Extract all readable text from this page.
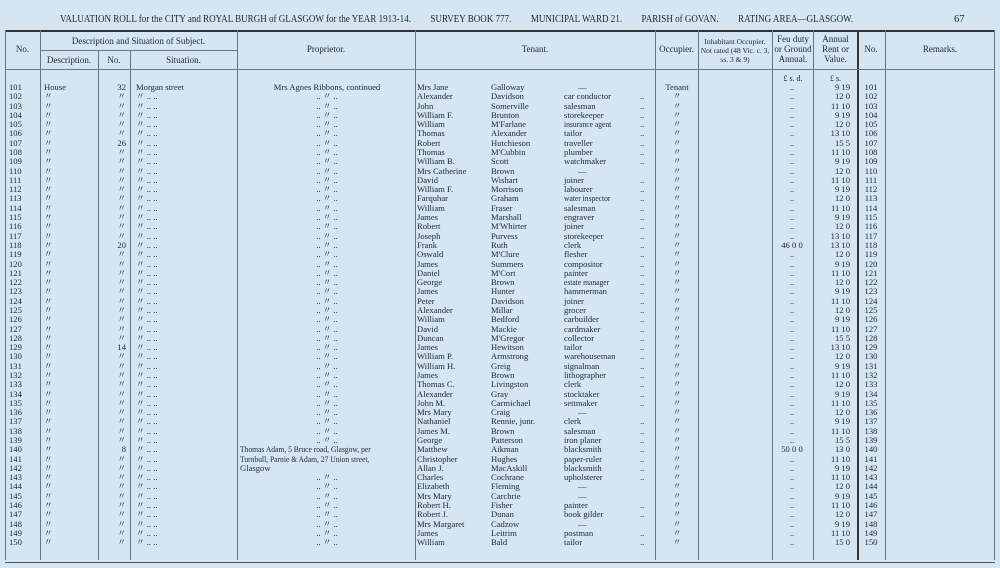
VALUATION ROLL for the CITY and ROYAL BURGH of GLASGOW for the YEAR 1913-14. SURVEY BOOK 777. MUNICIPAL WARD 21. PARISH of GOVAN. RATING AREA—GLASGOW.	67
No.
Description and Situation of Subject.
Description.	No.	Situation.
Proprietor.	Tenant.	Occupier.
Inhabitant Occupier. Not rated (48 Vic. c. 3, ss. 3 & 9)
Feu duty or Ground Annual.
Annual Rent or Value.
No.	Remarks.
£ s. d.	£ s.
101	House	32 Morgan street	Mrs Agnes Ribbons, continued	Mrs Jane	Galloway	—	Tenant	..	9 19	101
102	〃	〃 〃 .. ..	.. 〃 ..	Alexander	Davidson	car conductor	〃	..	12 0	102
..
103	〃	〃 〃 .. ..	.. 〃 ..	John	Somerville	salesman	〃	..	11 10	103
..
104	〃	〃 〃 .. ..	.. 〃 ..	William F.	Brunton	storekeeper	〃	..	9 19	104
..
105	〃	〃 〃 .. ..	.. 〃 ..	William	M'Farlane	insurance agent	〃	..	12 0	105
..
106	〃	〃 〃 .. ..	.. 〃 ..	Thomas	Alexander	tailor	〃	..	13 10	106
..
107	〃	26 〃 .. ..	.. 〃 ..	Robert	Hutchieson	traveller	〃	..	15 5	107
..
108	〃	〃 〃 .. ..	.. 〃 ..	Thomas	M'Cubbin	plumber	〃	..	11 10	108
..
109	〃	〃 〃 .. ..	.. 〃 ..	William B.	Scott	watchmaker	〃	..	9 19	109
..
110	〃	〃 〃 .. ..	.. 〃 ..	Mrs Catherine	Brown	—	〃	..	12 0	110
111	〃	〃 〃 .. ..	.. 〃 ..	David	Wishart	joiner	〃	..	11 10	111
..
112	〃	〃 〃 .. ..	.. 〃 ..	William F.	Morrison	labourer	〃	..	9 19	112
..
113	〃	〃 〃 .. ..	.. 〃 ..	Farquhar	Graham	water inspector	〃	..	12 0	113
..
114	〃	〃 〃 .. ..	.. 〃 ..	William	Fraser	salesman	〃	..	11 10	114
..
115	〃	〃 〃 .. ..	.. 〃 ..	James	Marshall	engraver	〃	..	9 19	115
..
116	〃	〃 〃 .. ..	.. 〃 ..	Robert	M'Whirter	joiner	〃	..	12 0	116
..
117	〃	〃 〃 .. ..	.. 〃 ..	Joseph	Purvess	storekeeper	〃	..	13 10	117
..
118	〃	20 〃 .. ..	.. 〃 ..	Frank	Ruth	clerk	〃	46 0 0	13 10	118
..
119	〃	〃 〃 .. ..	.. 〃 ..	Oswald	M'Clure	flesher	〃	..	12 0	119
..
120	〃	〃 〃 .. ..	.. 〃 ..	James	Summers	compositor	〃	..	9 19	120
..
121	〃	〃 〃 .. ..	.. 〃 ..	Daniel	M'Cort	painter	〃	..	11 10	121
..
122	〃	〃 〃 .. ..	.. 〃 ..	George	Brown	estate manager	〃	..	12 0	122
..
123	〃	〃 〃 .. ..	.. 〃 ..	James	Hunter	hammerman	〃	..	9 19	123
..
124	〃	〃 〃 .. ..	.. 〃 ..	Peter	Davidson	joiner	〃	..	11 10	124
..
125	〃	〃 〃 .. ..	.. 〃 ..	Alexander	Millar	grocer	〃	..	12 0	125
..
126	〃	〃 〃 .. ..	.. 〃 ..	William	Bedford	carbuilder	〃	..	9 19	126
..
127	〃	〃 〃 .. ..	.. 〃 ..	David	Mackie	cardmaker	〃	..	11 10	127
..
128	〃	〃 〃 .. ..	.. 〃 ..	Duncan	M'Gregor	collector	〃	..	15 5	128
..
129	〃	14 〃 .. ..	.. 〃 ..	James	Hewitson	tailor	〃	..	13 10	129
..
130	〃	〃 〃 .. ..	.. 〃 ..	William P.	Armstrong	warehouseman	〃	..	12 0	130
..
131	〃	〃 〃 .. ..	.. 〃 ..	William H.	Greig	signalman	〃	..	9 19	131
..
132	〃	〃 〃 .. ..	.. 〃 ..	James	Brown	lithographer	〃	..	11 10	132
..
133	〃	〃 〃 .. ..	.. 〃 ..	Thomas C.	Livingston	clerk	〃	..	12 0	133
..
134	〃	〃 〃 .. ..	.. 〃 ..	Alexander	Gray	stocktaker	〃	..	9 19	134
..
135	〃	〃 〃 .. ..	.. 〃 ..	John M.	Carmichael	settmaker	〃	..	11 10	135
..
136	〃	〃 〃 .. ..	.. 〃 ..	Mrs Mary	Craig	—	〃	..	12 0	136
137	〃	〃 〃 .. ..	.. 〃 ..	Nathaniel	Rennie, junr.	clerk	〃	..	9 19	137
..
138	〃	〃 〃 .. ..	.. 〃 ..	James M.	Brown	salesman	〃	..	11 10	138
..
139	〃	〃 〃 .. ..	.. 〃 ..	George	Patterson	iron planer	〃	..	15 5	139
..
140	〃	8 〃 .. ..	Thomas Adam, 5 Bruce road, Glasgow, per	Matthew	Aikman	blacksmith	〃	50 0 0	13 0	140
..
141	〃	〃 〃 .. ..	Turnbull, Parnie & Adam, 27 Union street,	Christopher	Hughes	paper-ruler	〃	..	11 10	141
..
142	〃	〃 〃 .. ..	Glasgow	Allan J.	MacAskill	blacksmith	〃	..	9 19	142
..
143	〃	〃 〃 .. ..	.. 〃 ..	Charles	Cochrane	upholsterer	〃	..	11 10	143
..
144	〃	〃 〃 .. ..	.. 〃 ..	Elizabeth	Fleming	—	〃	..	12 0	144
145	〃	〃 〃 .. ..	.. 〃 ..	Mrs Mary	Carchrie	—	〃	..	9 19	145
146	〃	〃 〃 .. ..	.. 〃 ..	Robert H.	Fisher	painter	〃	..	11 10	146
..
147	〃	〃 〃 .. ..	.. 〃 ..	Robert J.	Dunan	book gilder	〃	..	12 0	147
..
148	〃	〃 〃 .. ..	.. 〃 ..	Mrs Margaret	Cadzow	—	〃	..	9 19	148
149	〃	〃 〃 .. ..	.. 〃 ..	James	Leitrim	postman	〃	..	11 10	149
..
150	〃	〃 〃 .. ..	.. 〃 ..	William	Bald	tailor	〃	..	15 0	150
..
